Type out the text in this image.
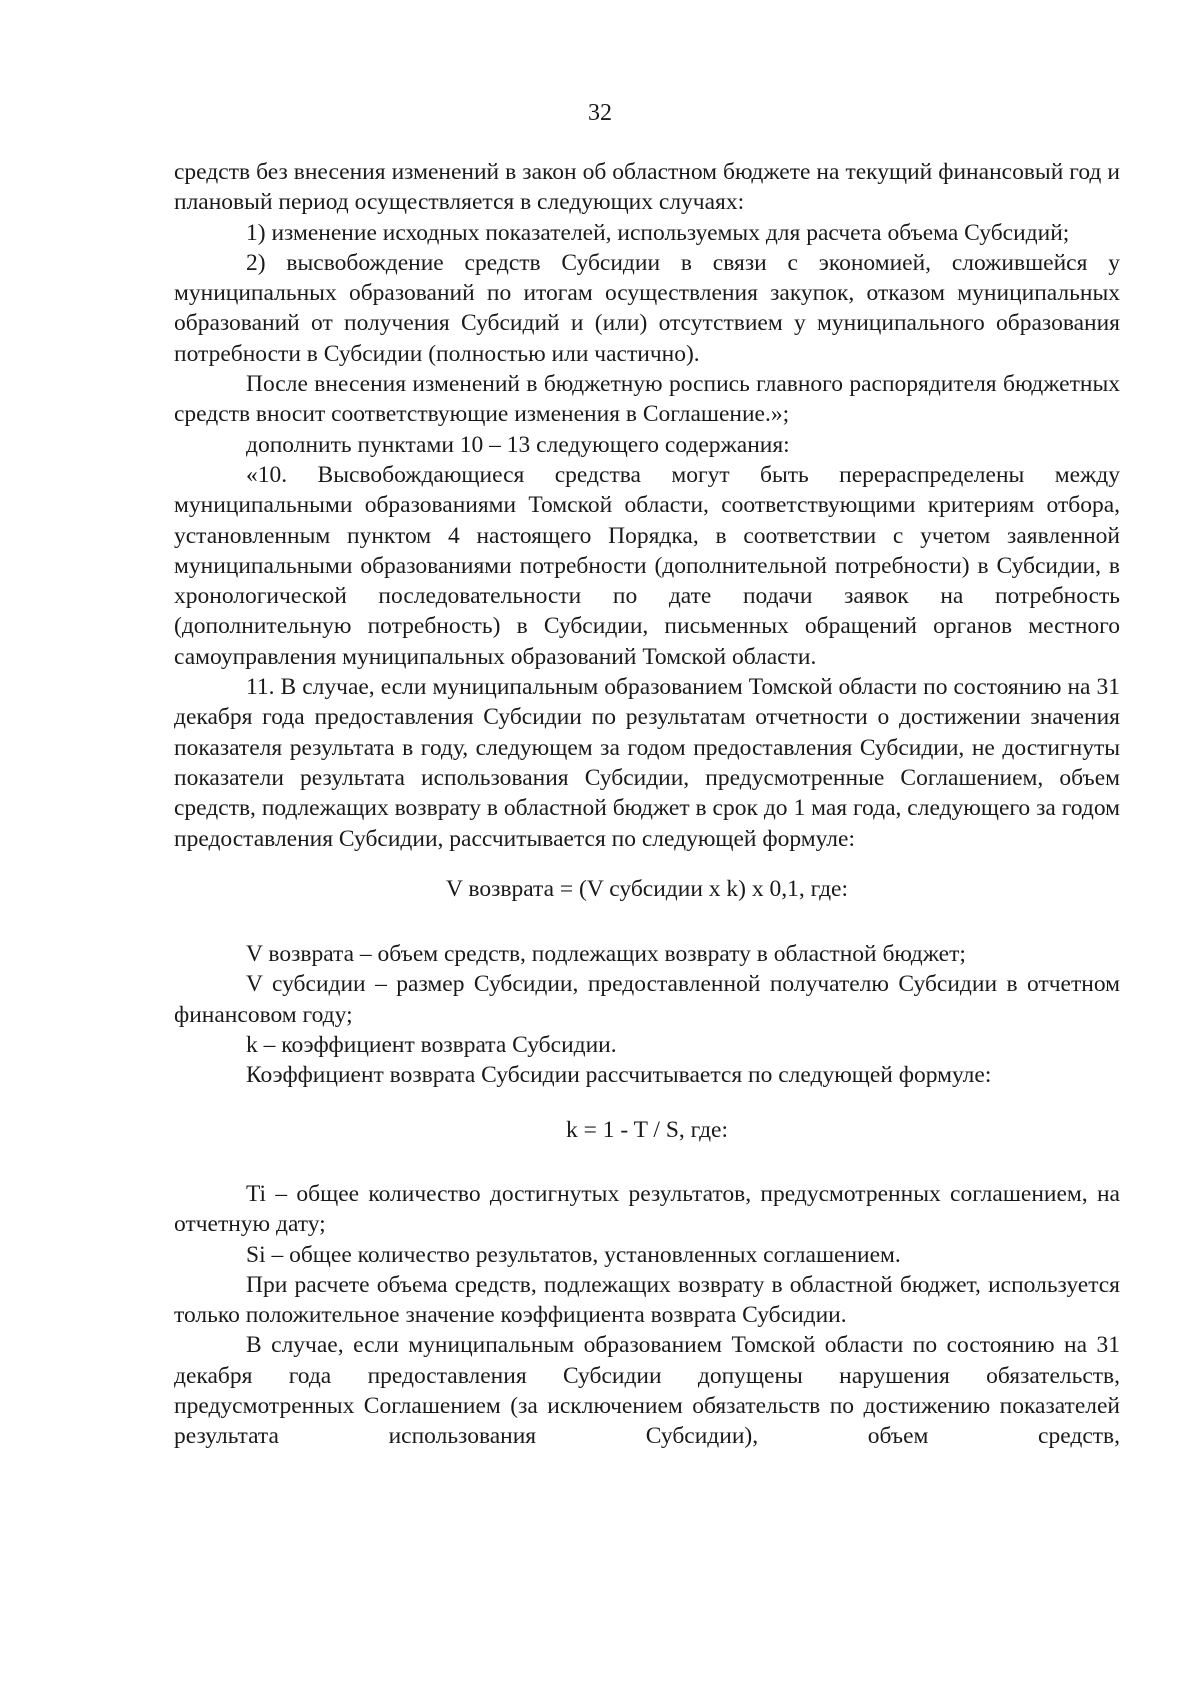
32

средств без внесения изменений в закон об областном бюджете на текущий финансовый год и плановый период осуществляется в следующих случаях:

1) изменение исходных показателей, используемых для расчета объема Субсидий;

2) высвобождение средств Субсидии в связи с экономией, сложившейся у муниципальных образований по итогам осуществления закупок, отказом муниципальных образований от получения Субсидий и (или) отсутствием у муниципального образования потребности в Субсидии (полностью или частично).

После внесения изменений в бюджетную роспись главного распорядителя бюджетных средств вносит соответствующие изменения в Соглашение.»;

дополнить пунктами 10 – 13 следующего содержания:

«10. Высвобождающиеся средства могут быть перераспределены между муниципальными образованиями Томской области, соответствующими критериям отбора, установленным пунктом 4 настоящего Порядка, в соответствии с учетом заявленной муниципальными образованиями потребности (дополнительной потребности) в Субсидии, в хронологической последовательности по дате подачи заявок на потребность (дополнительную потребность) в Субсидии, письменных обращений органов местного самоуправления муниципальных образований Томской области.

11. В случае, если муниципальным образованием Томской области по состоянию на 31 декабря года предоставления Субсидии по результатам отчетности о достижении значения показателя результата в году, следующем за годом предоставления Субсидии, не достигнуты показатели результата использования Субсидии, предусмотренные Соглашением, объем средств, подлежащих возврату в областной бюджет в срок до 1 мая года, следующего за годом предоставления Субсидии, рассчитывается по следующей формуле:

V возврата = (V субсидии x k) x 0,1, где:

V возврата – объем средств, подлежащих возврату в областной бюджет;

V субсидии – размер Субсидии, предоставленной получателю Субсидии в отчетном финансовом году;

k – коэффициент возврата Субсидии.

Коэффициент возврата Субсидии рассчитывается по следующей формуле:

k = 1 - T / S, где:

Ti – общее количество достигнутых результатов, предусмотренных соглашением, на отчетную дату;

Si – общее количество результатов, установленных соглашением.

При расчете объема средств, подлежащих возврату в областной бюджет, используется только положительное значение коэффициента возврата Субсидии.

В случае, если муниципальным образованием Томской области по состоянию на 31 декабря года предоставления Субсидии допущены нарушения обязательств, предусмотренных Соглашением (за исключением обязательств по достижению показателей результата использования Субсидии), объем средств,
